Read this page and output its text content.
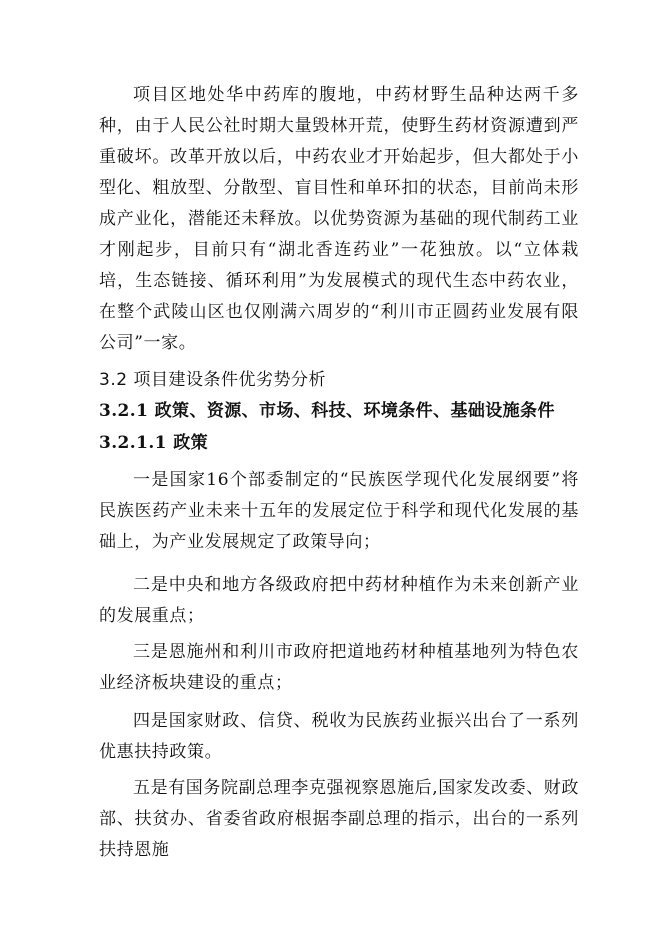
项目区地处华中药库的腹地，中药材野生品种达两千多种，由于人民公社时期大量毁林开荒，使野生药材资源遭到严重破坏。改革开放以后，中药农业才开始起步，但大都处于小型化、粗放型、分散型、盲目性和单环扣的状态，目前尚未形成产业化，潜能还未释放。以优势资源为基础的现代制药工业才刚起步，目前只有“湖北香连药业”一花独放。以“立体栽培，生态链接、循环利用”为发展模式的现代生态中药农业，在整个武陵山区也仅刚满六周岁的“利川市正圆药业发展有限公司”一家。

3.2 项目建设条件优劣势分析

3.2.1 政策、资源、市场、科技、环境条件、基础设施条件

3.2.1.1 政策

一是国家16个部委制定的“民族医学现代化发展纲要”将民族医药产业未来十五年的发展定位于科学和现代化发展的基础上，为产业发展规定了政策导向；

二是中央和地方各级政府把中药材种植作为未来创新产业的发展重点；

三是恩施州和利川市政府把道地药材种植基地列为特色农业经济板块建设的重点；

四是国家财政、信贷、税收为民族药业振兴出台了一系列优惠扶持政策。

五是有国务院副总理李克强视察恩施后,国家发改委、财政部、扶贫办、省委省政府根据李副总理的指示，出台的一系列扶持恩施
